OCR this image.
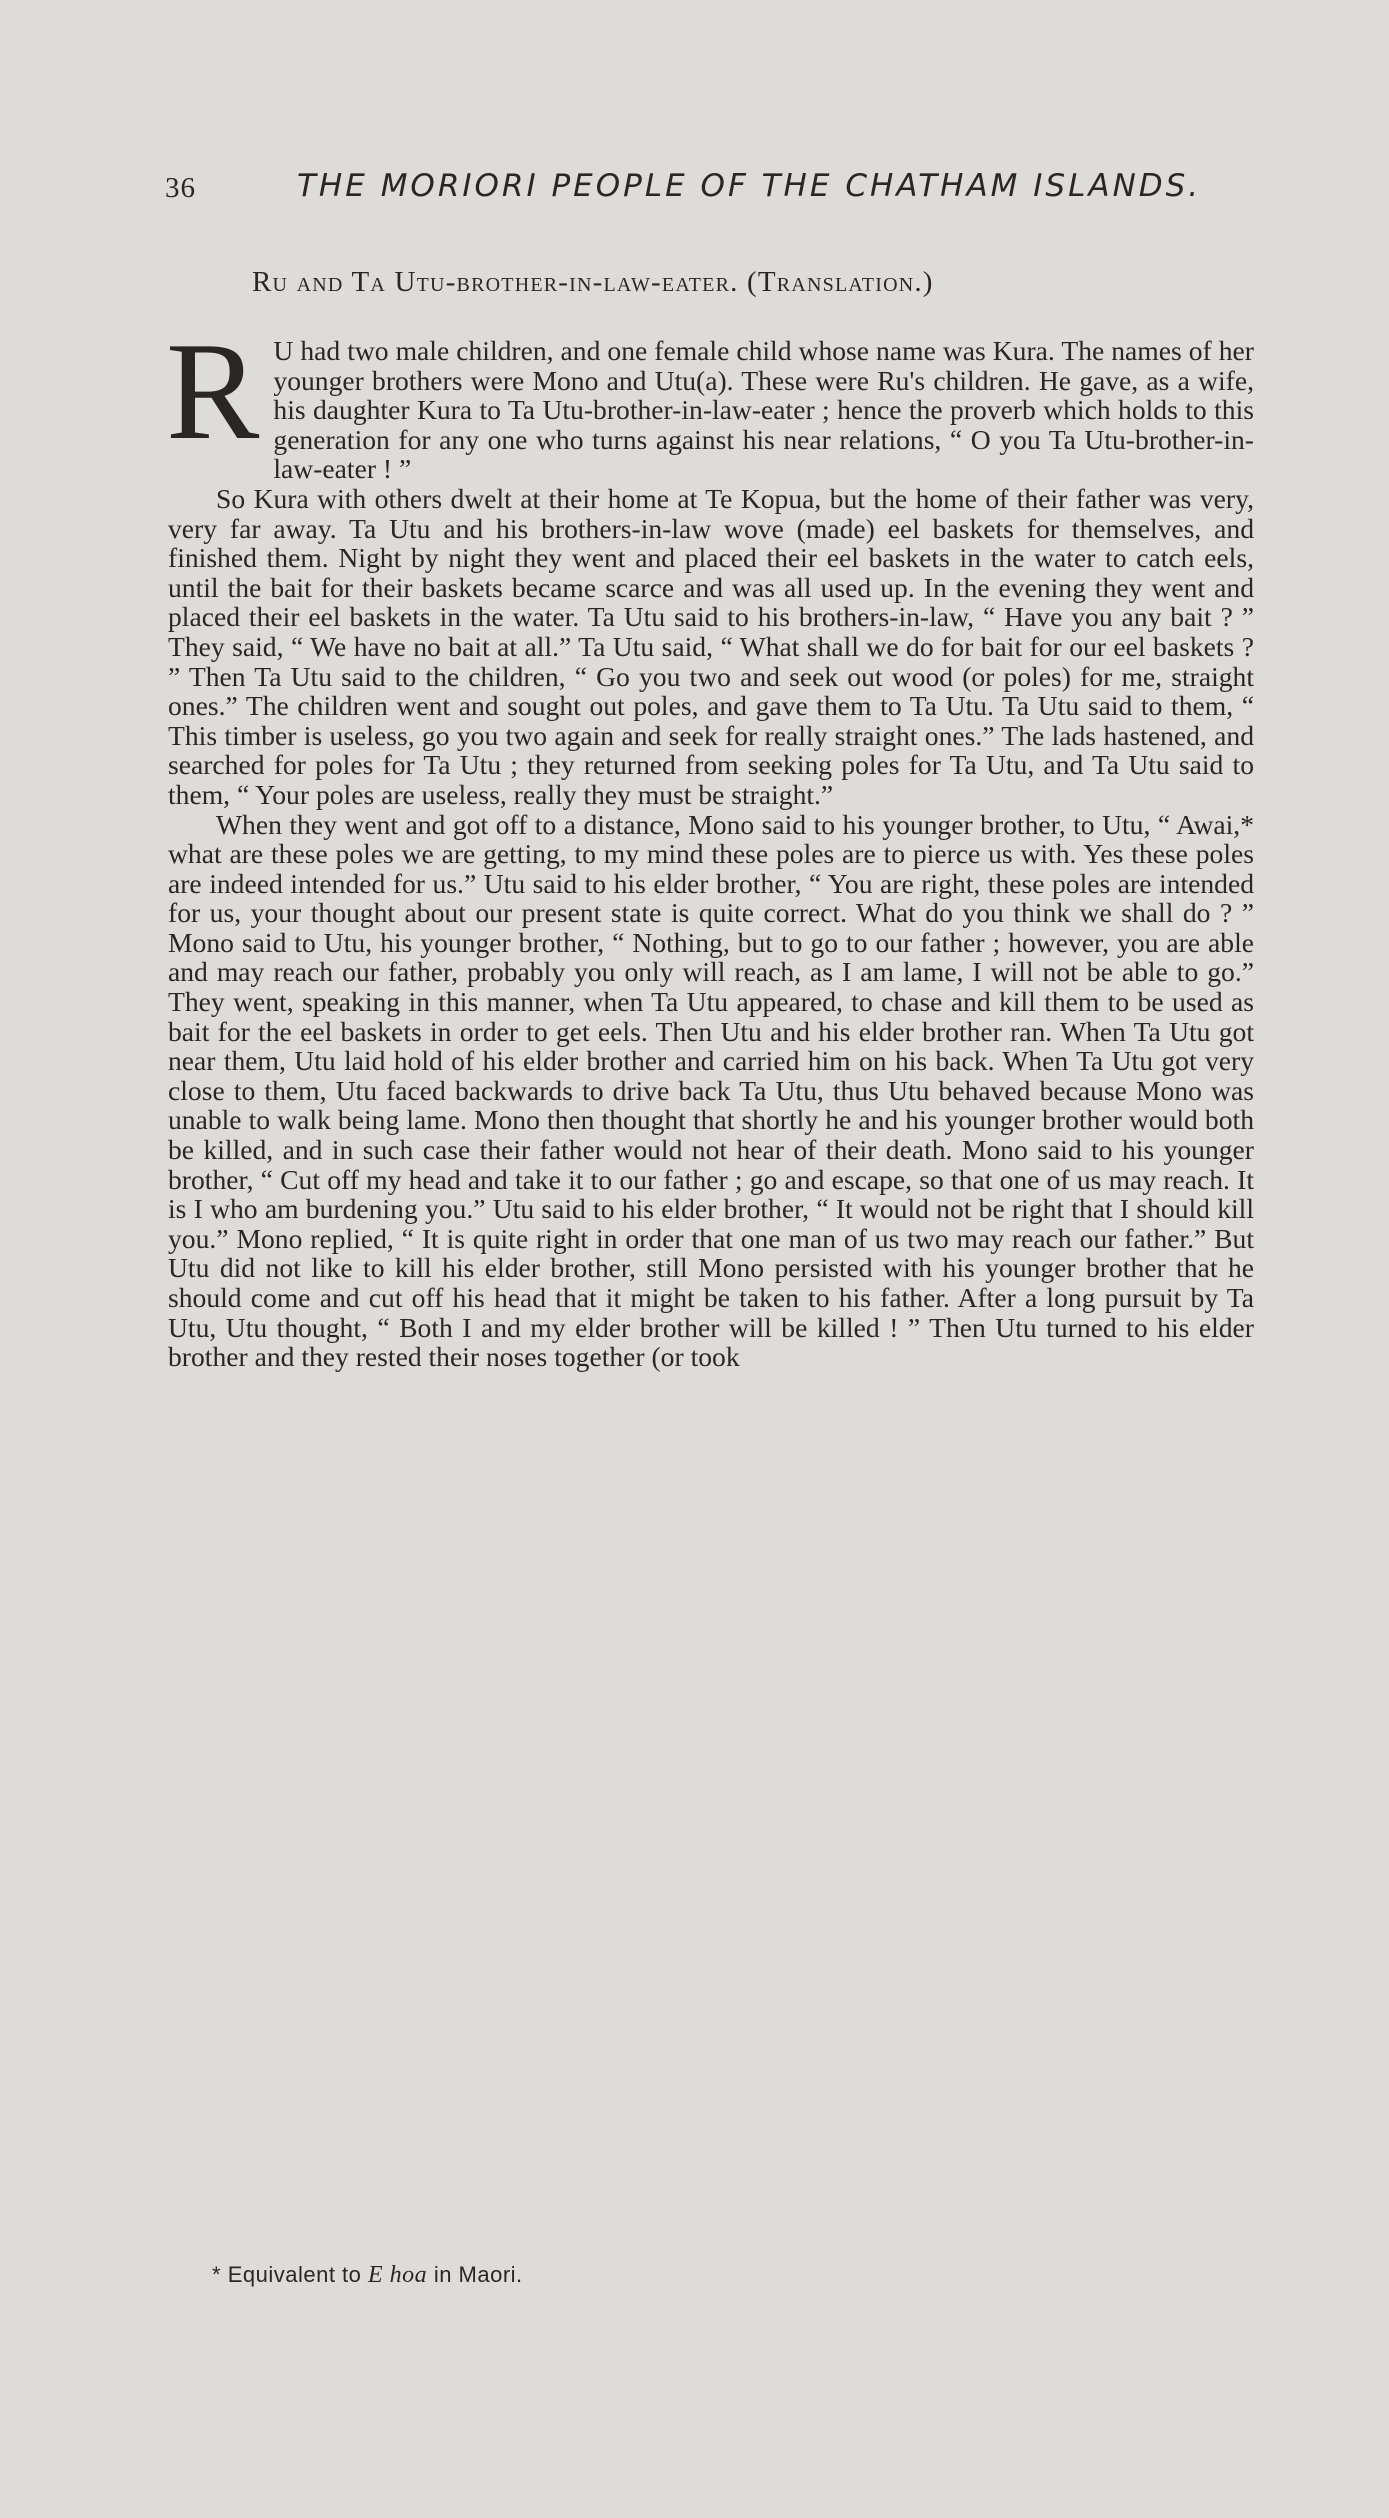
36	THE MORIORI PEOPLE OF THE CHATHAM ISLANDS.
Ru and Ta Utu-brother-in-law-eater. (Translation.)

R U had two male children, and one female child whose name was Kura. The names of her younger brothers were Mono and Utu(a). These were Ru's children. He gave, as a wife, his daughter Kura to Ta Utu-brother-in-law-eater ; hence the proverb which holds to this generation for any one who turns against his near relations, “ O you Ta Utu-brother-in-law-eater ! ”

So Kura with others dwelt at their home at Te Kopua, but the home of their father was very, very far away. Ta Utu and his brothers-in-law wove (made) eel baskets for themselves, and finished them. Night by night they went and placed their eel baskets in the water to catch eels, until the bait for their baskets became scarce and was all used up. In the evening they went and placed their eel baskets in the water. Ta Utu said to his brothers-in-law, “ Have you any bait ? ” They said, “ We have no bait at all.” Ta Utu said, “ What shall we do for bait for our eel baskets ? ” Then Ta Utu said to the children, “ Go you two and seek out wood (or poles) for me, straight ones.” The children went and sought out poles, and gave them to Ta Utu. Ta Utu said to them, “ This timber is useless, go you two again and seek for really straight ones.” The lads hastened, and searched for poles for Ta Utu ; they returned from seeking poles for Ta Utu, and Ta Utu said to them, “ Your poles are useless, really they must be straight.”

When they went and got off to a distance, Mono said to his younger brother, to Utu, “ Awai,* what are these poles we are getting, to my mind these poles are to pierce us with. Yes these poles are indeed intended for us.” Utu said to his elder brother, “ You are right, these poles are intended for us, your thought about our present state is quite correct. What do you think we shall do ? ” Mono said to Utu, his younger brother, “ Nothing, but to go to our father ; however, you are able and may reach our father, probably you only will reach, as I am lame, I will not be able to go.” They went, speaking in this manner, when Ta Utu appeared, to chase and kill them to be used as bait for the eel baskets in order to get eels. Then Utu and his elder brother ran. When Ta Utu got near them, Utu laid hold of his elder brother and carried him on his back. When Ta Utu got very close to them, Utu faced backwards to drive back Ta Utu, thus Utu behaved because Mono was unable to walk being lame. Mono then thought that shortly he and his younger brother would both be killed, and in such case their father would not hear of their death. Mono said to his younger brother, “ Cut off my head and take it to our father ; go and escape, so that one of us may reach. It is I who am burdening you.” Utu said to his elder brother, “ It would not be right that I should kill you.” Mono replied, “ It is quite right in order that one man of us two may reach our father.” But Utu did not like to kill his elder brother, still Mono persisted with his younger brother that he should come and cut off his head that it might be taken to his father. After a long pursuit by Ta Utu, Utu thought, “ Both I and my elder brother will be killed ! ” Then Utu turned to his elder brother and they rested their noses together (or took

* Equivalent to E hoa in Maori.
